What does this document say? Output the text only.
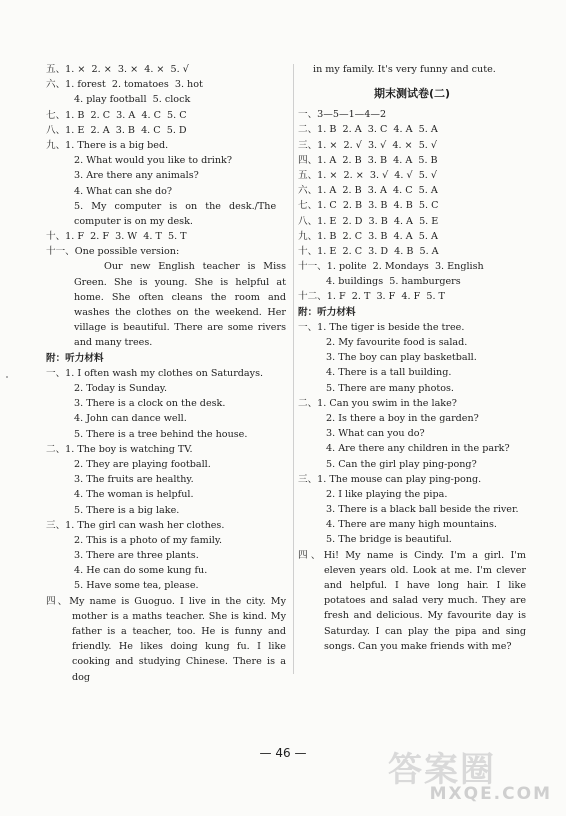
五、1. ×  2. ×  3. ×  4. ×  5. √
六、1. forest  2. tomatoes  3. hot
4. play football  5. clock
七、1. B  2. C  3. A  4. C  5. C
八、1. E  2. A  3. B  4. C  5. D
九、1. There is a big bed.
2. What would you like to drink?
3. Are there any animals?
4. What can she do?
5. My computer is on the desk./The
computer is on my desk.
十、1. F  2. F  3. W  4. T  5. T
十一、One possible version:
Our new English teacher is Miss Green. She is young. She is helpful at home. She often cleans the room and washes the clothes on the weekend. Her village is beautiful. There are some rivers and many trees.
附：听力材料
一、1. I often wash my clothes on Saturdays.
2. Today is Sunday.
3. There is a clock on the desk.
4. John can dance well.
5. There is a tree behind the house.
二、1. The boy is watching TV.
2. They are playing football.
3. The fruits are healthy.
4. The woman is helpful.
5. There is a big lake.
三、1. The girl can wash her clothes.
2. This is a photo of my family.
3. There are three plants.
4. He can do some kung fu.
5. Have some tea, please.
四、My name is Guoguo. I live in the city. My mother is a maths teacher. She is kind. My father is a teacher, too. He is funny and friendly. He likes doing kung fu. I like cooking and studying Chinese. There is a dog
in my family. It's very funny and cute.
期末测试卷(二)
一、3—5—1—4—2
二、1. B  2. A  3. C  4. A  5. A
三、1. ×  2. √  3. √  4. ×  5. √
四、1. A  2. B  3. B  4. A  5. B
五、1. ×  2. ×  3. √  4. √  5. √
六、1. A  2. B  3. A  4. C  5. A
七、1. C  2. B  3. B  4. B  5. C
八、1. E  2. D  3. B  4. A  5. E
九、1. B  2. C  3. B  4. A  5. A
十、1. E  2. C  3. D  4. B  5. A
十一、1. polite  2. Mondays  3. English
4. buildings  5. hamburgers
十二、1. F  2. T  3. F  4. F  5. T
附：听力材料
一、1. The tiger is beside the tree.
2. My favourite food is salad.
3. The boy can play basketball.
4. There is a tall building.
5. There are many photos.
二、1. Can you swim in the lake?
2. Is there a boy in the garden?
3. What can you do?
4. Are there any children in the park?
5. Can the girl play ping-pong?
三、1. The mouse can play ping-pong.
2. I like playing the pipa.
3. There is a black ball beside the river.
4. There are many high mountains.
5. The bridge is beautiful.
四、Hi! My name is Cindy. I'm a girl. I'm eleven years old. Look at me. I'm clever and helpful. I have long hair. I like potatoes and salad very much. They are fresh and delicious. My favourite day is Saturday. I can play the pipa and sing songs. Can you make friends with me?
— 46 —	答案圈
MXQE.COM
